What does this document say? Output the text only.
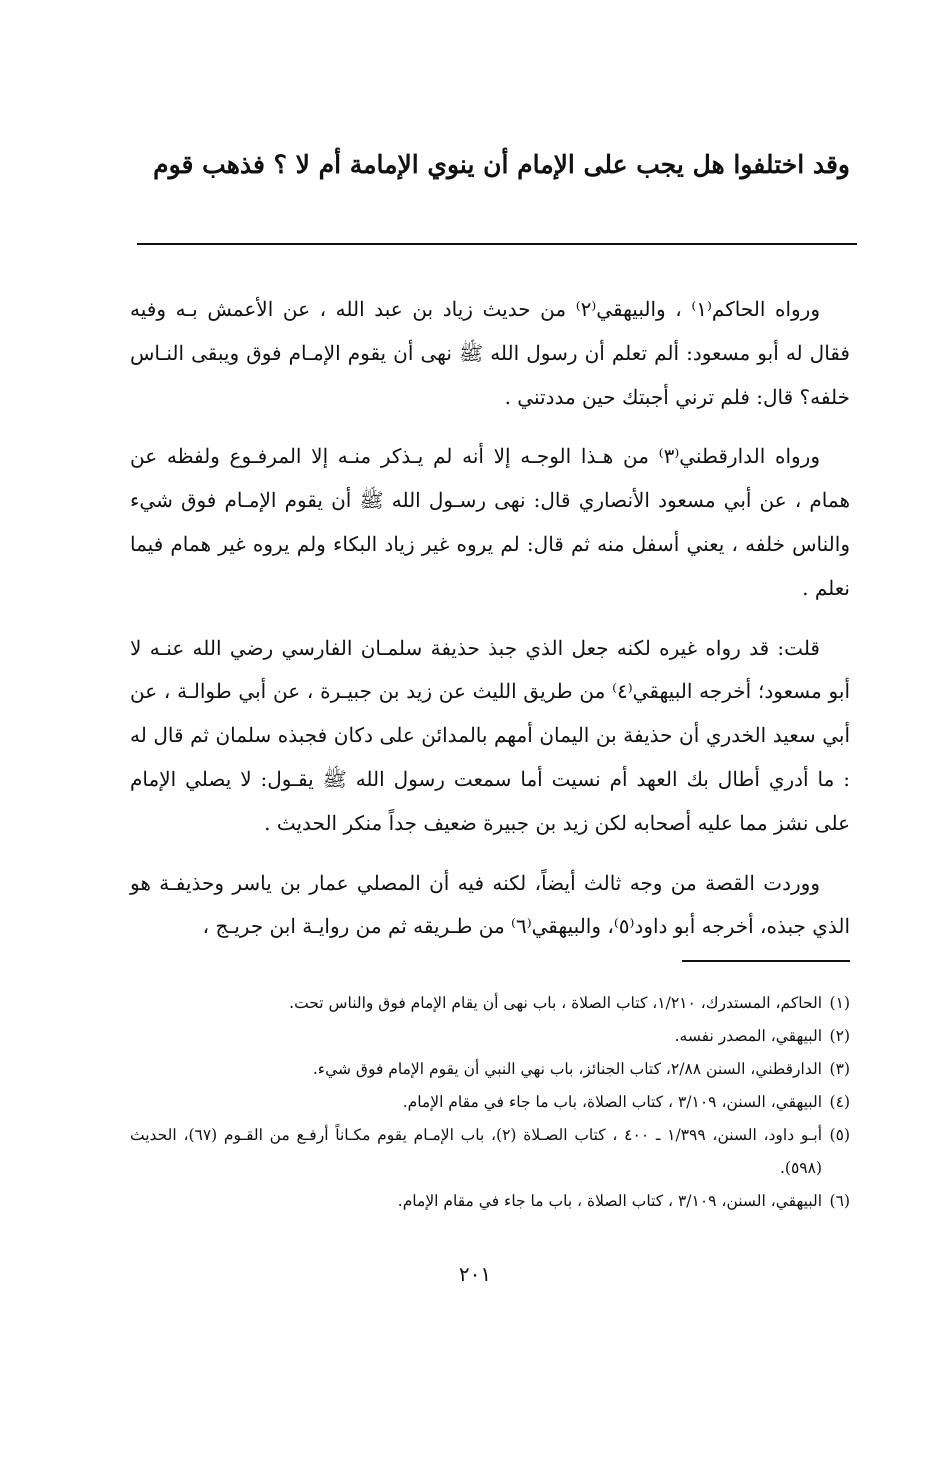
وقد اختلفوا هل يجب على الإمام أن ينوي الإمامة أم لا ؟ فذهب قوم

ورواه الحاكم⁽١⁾ ، والبيهقي⁽٢⁾ من حديث زياد بن عبد الله ، عن الأعمش بـه وفيه فقال له أبو مسعود: ألم تعلم أن رسول الله ﷺ نهى أن يقوم الإمـام فوق ويبقى النـاس خلفه؟ قال: فلم ترني أجبتك حين مددتني .

ورواه الدارقطني⁽٣⁾ من هـذا الوجـه إلا أنه لم يـذكر منـه إلا المرفـوع ولفظه عن همام ، عن أبي مسعود الأنصاري قال: نهى رسـول الله ﷺ أن يقوم الإمـام فوق شيء والناس خلفه ، يعني أسفل منه ثم قال: لم يروه غير زياد البكاء ولم يروه غير همام فيما نعلم .

قلت: قد رواه غيره لكنه جعل الذي جبذ حذيفة سلمـان الفارسي رضي الله عنـه لا أبو مسعود؛ أخرجه البيهقي⁽٤⁾ من طريق الليث عن زيد بن جبيـرة ، عن أبي طوالـة ، عن أبي سعيد الخدري أن حذيفة بن اليمان أمهم بالمدائن على دكان فجبذه سلمان ثم قال له : ما أدري أطال بك العهد أم نسيت أما سمعت رسول الله ﷺ يقـول: لا يصلي الإمام على نشز مما عليه أصحابه لكن زيد بن جبيرة ضعيف جداً منكر الحديث .

ووردت القصة من وجه ثالث أيضاً، لكنه فيه أن المصلي عمار بن ياسر وحذيفـة هو الذي جبذه، أخرجه أبو داود⁽٥⁾، والبيهقي⁽٦⁾ من طـريقه ثم من روايـة ابن جريـج ،

(١)
الحاكم، المستدرك، ١/٢١٠، كتاب الصلاة ، باب نهى أن يقام الإمام فوق والناس تحت.

(٢)
البيهقي، المصدر نفسه.

(٣)
الدارقطني، السنن ٢/٨٨، كتاب الجنائز، باب نهي النبي أن يقوم الإمام فوق شيء.

(٤)
البيهقي، السنن، ٣/١٠٩ ، كتاب الصلاة، باب ما جاء في مقام الإمام.

(٥)
أبـو داود، السنن، ١/٣٩٩ ـ ٤٠٠ ، كتاب الصـلاة (٢)، باب الإمـام يقوم مكـاناً أرفـع من القـوم (٦٧)، الحديث (٥٩٨).

(٦)
البيهقي، السنن، ٣/١٠٩ ، كتاب الصلاة ، باب ما جاء في مقام الإمام.

٢٠١
